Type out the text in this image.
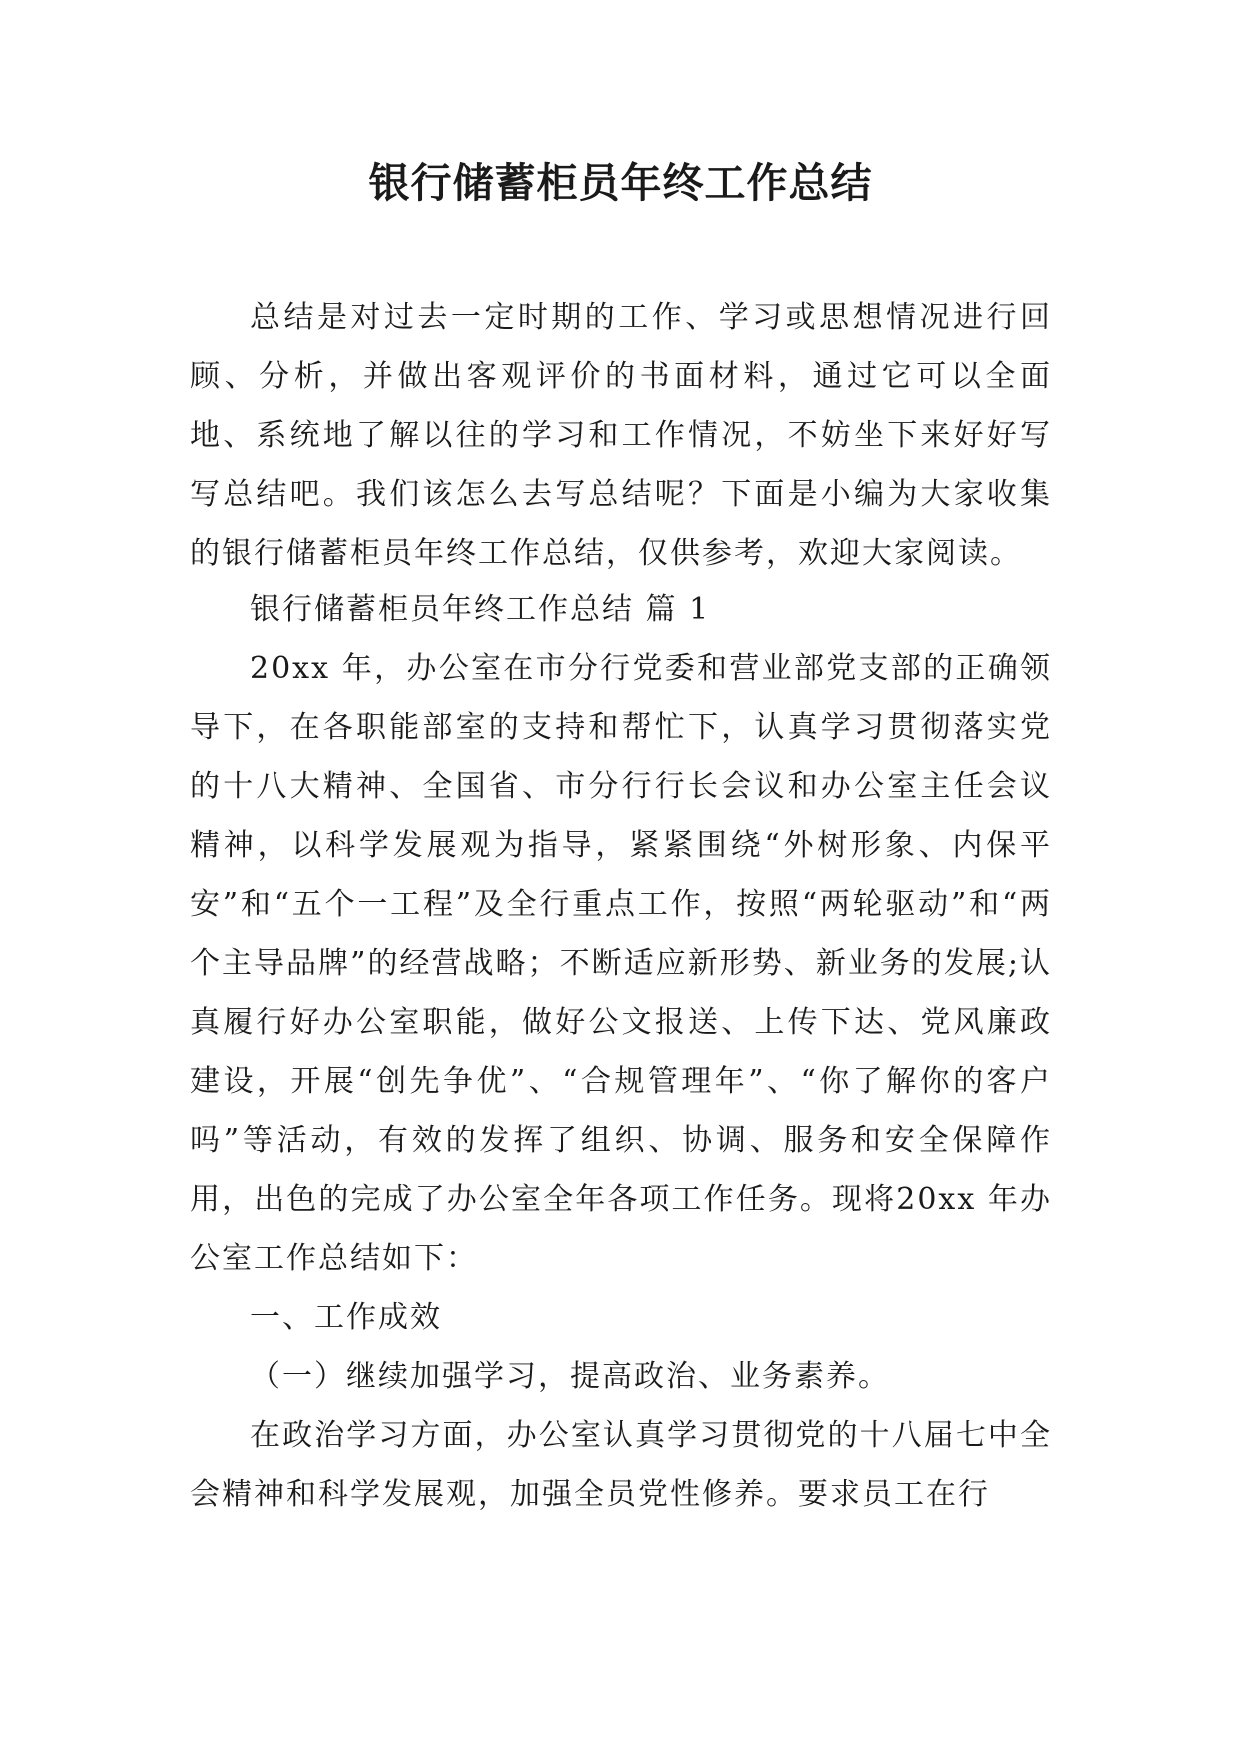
银行储蓄柜员年终工作总结

总结是对过去一定时期的工作、学习或思想情况进行回顾、分析，并做出客观评价的书面材料，通过它可以全面地、系统地了解以往的学习和工作情况，不妨坐下来好好写写总结吧。我们该怎么去写总结呢？下面是小编为大家收集的银行储蓄柜员年终工作总结，仅供参考，欢迎大家阅读。

银行储蓄柜员年终工作总结 篇 1

20xx 年，办公室在市分行党委和营业部党支部的正确领导下，在各职能部室的支持和帮忙下，认真学习贯彻落实党的十八大精神、全国省、市分行行长会议和办公室主任会议精神，以科学发展观为指导，紧紧围绕“外树形象、内保平安”和“五个一工程”及全行重点工作，按照“两轮驱动”和“两个主导品牌”的经营战略；不断适应新形势、新业务的发展;认真履行好办公室职能，做好公文报送、上传下达、党风廉政建设，开展“创先争优”、“合规管理年”、“你了解你的客户吗”等活动，有效的发挥了组织、协调、服务和安全保障作用，出色的完成了办公室全年各项工作任务。现将20xx 年办公室工作总结如下：

一、工作成效

（一）继续加强学习，提高政治、业务素养。

在政治学习方面，办公室认真学习贯彻党的十八届七中全会精神和科学发展观，加强全员党性修养。要求员工在行
